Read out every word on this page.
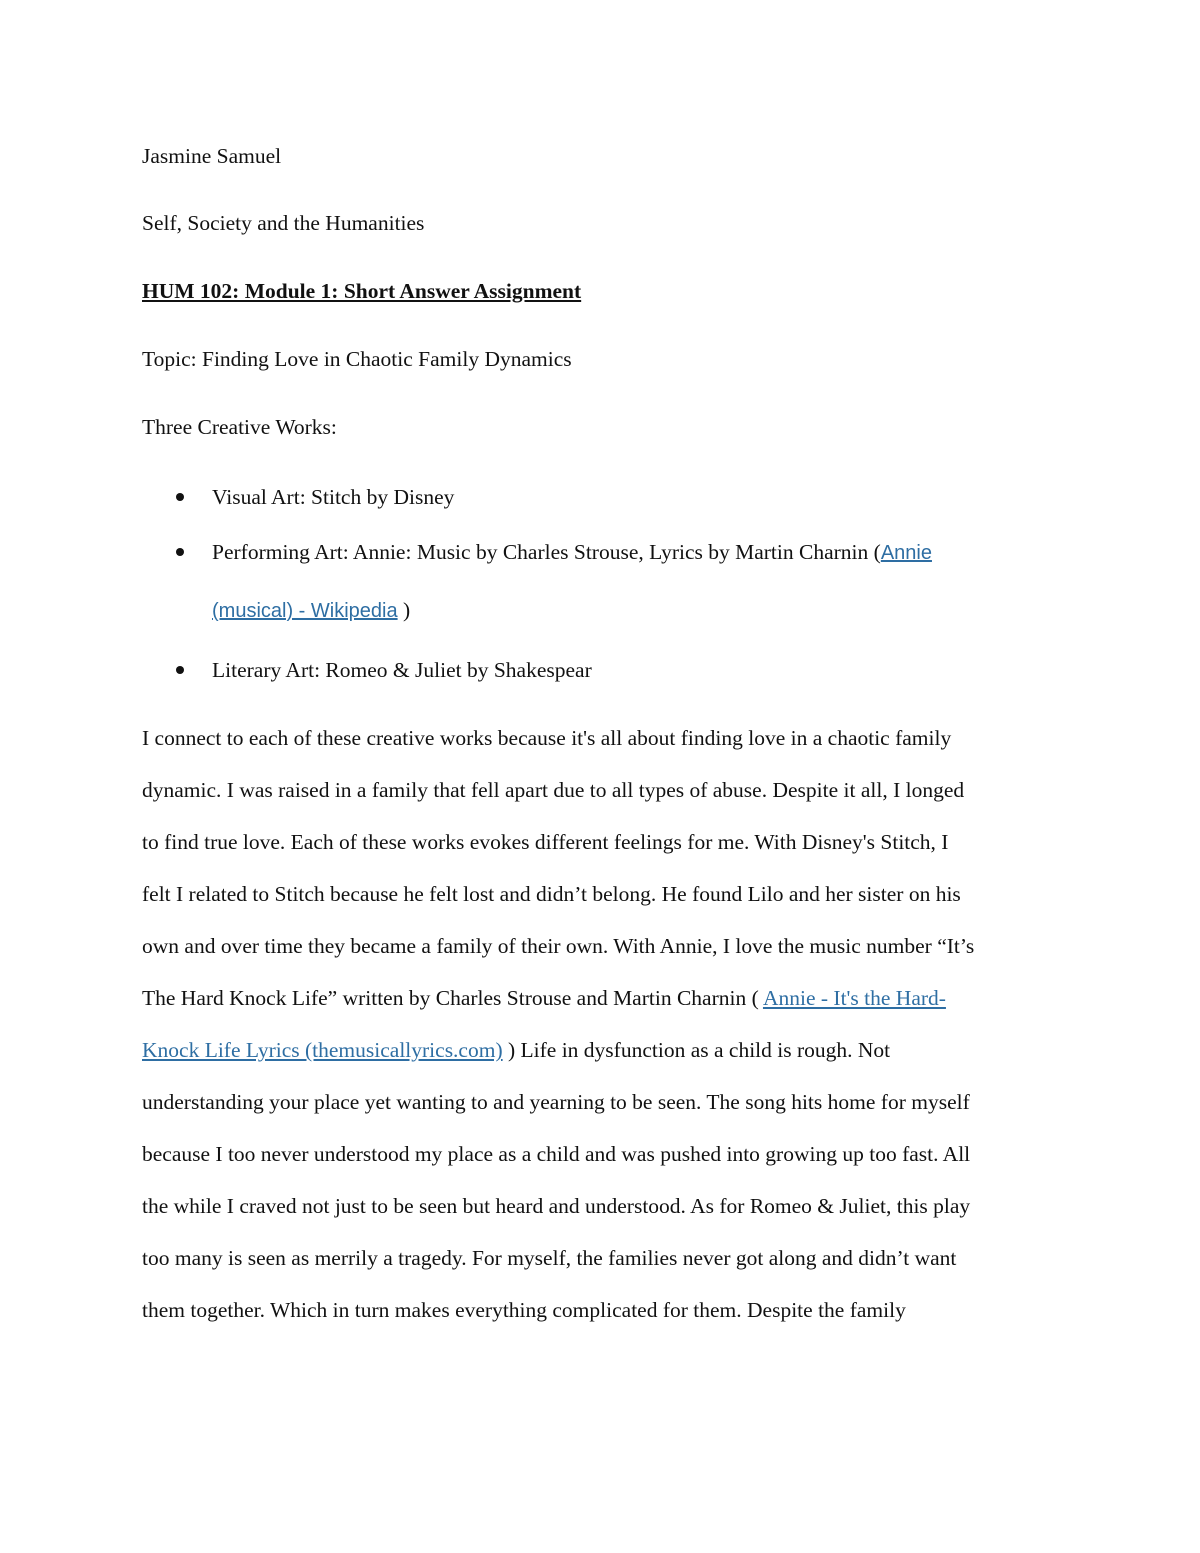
Jasmine Samuel
Self, Society and the Humanities
HUM 102: Module 1: Short Answer Assignment
Topic: Finding Love in Chaotic Family Dynamics
Three Creative Works:
Visual Art: Stitch by Disney
Performing Art: Annie: Music by Charles Strouse, Lyrics by Martin Charnin (Annie
(musical) - Wikipedia )
Literary Art: Romeo & Juliet by Shakespear
I connect to each of these creative works because it's all about finding love in a chaotic family
dynamic. I was raised in a family that fell apart due to all types of abuse. Despite it all, I longed
to find true love. Each of these works evokes different feelings for me. With Disney's Stitch, I
felt I related to Stitch because he felt lost and didn’t belong. He found Lilo and her sister on his
own and over time they became a family of their own. With Annie, I love the music number “It’s
The Hard Knock Life” written by Charles Strouse and Martin Charnin ( Annie - It's the Hard-
Knock Life Lyrics (themusicallyrics.com) ) Life in dysfunction as a child is rough. Not
understanding your place yet wanting to and yearning to be seen. The song hits home for myself
because I too never understood my place as a child and was pushed into growing up too fast. All
the while I craved not just to be seen but heard and understood. As for Romeo & Juliet, this play
too many is seen as merrily a tragedy. For myself, the families never got along and didn’t want
them together. Which in turn makes everything complicated for them. Despite the family
